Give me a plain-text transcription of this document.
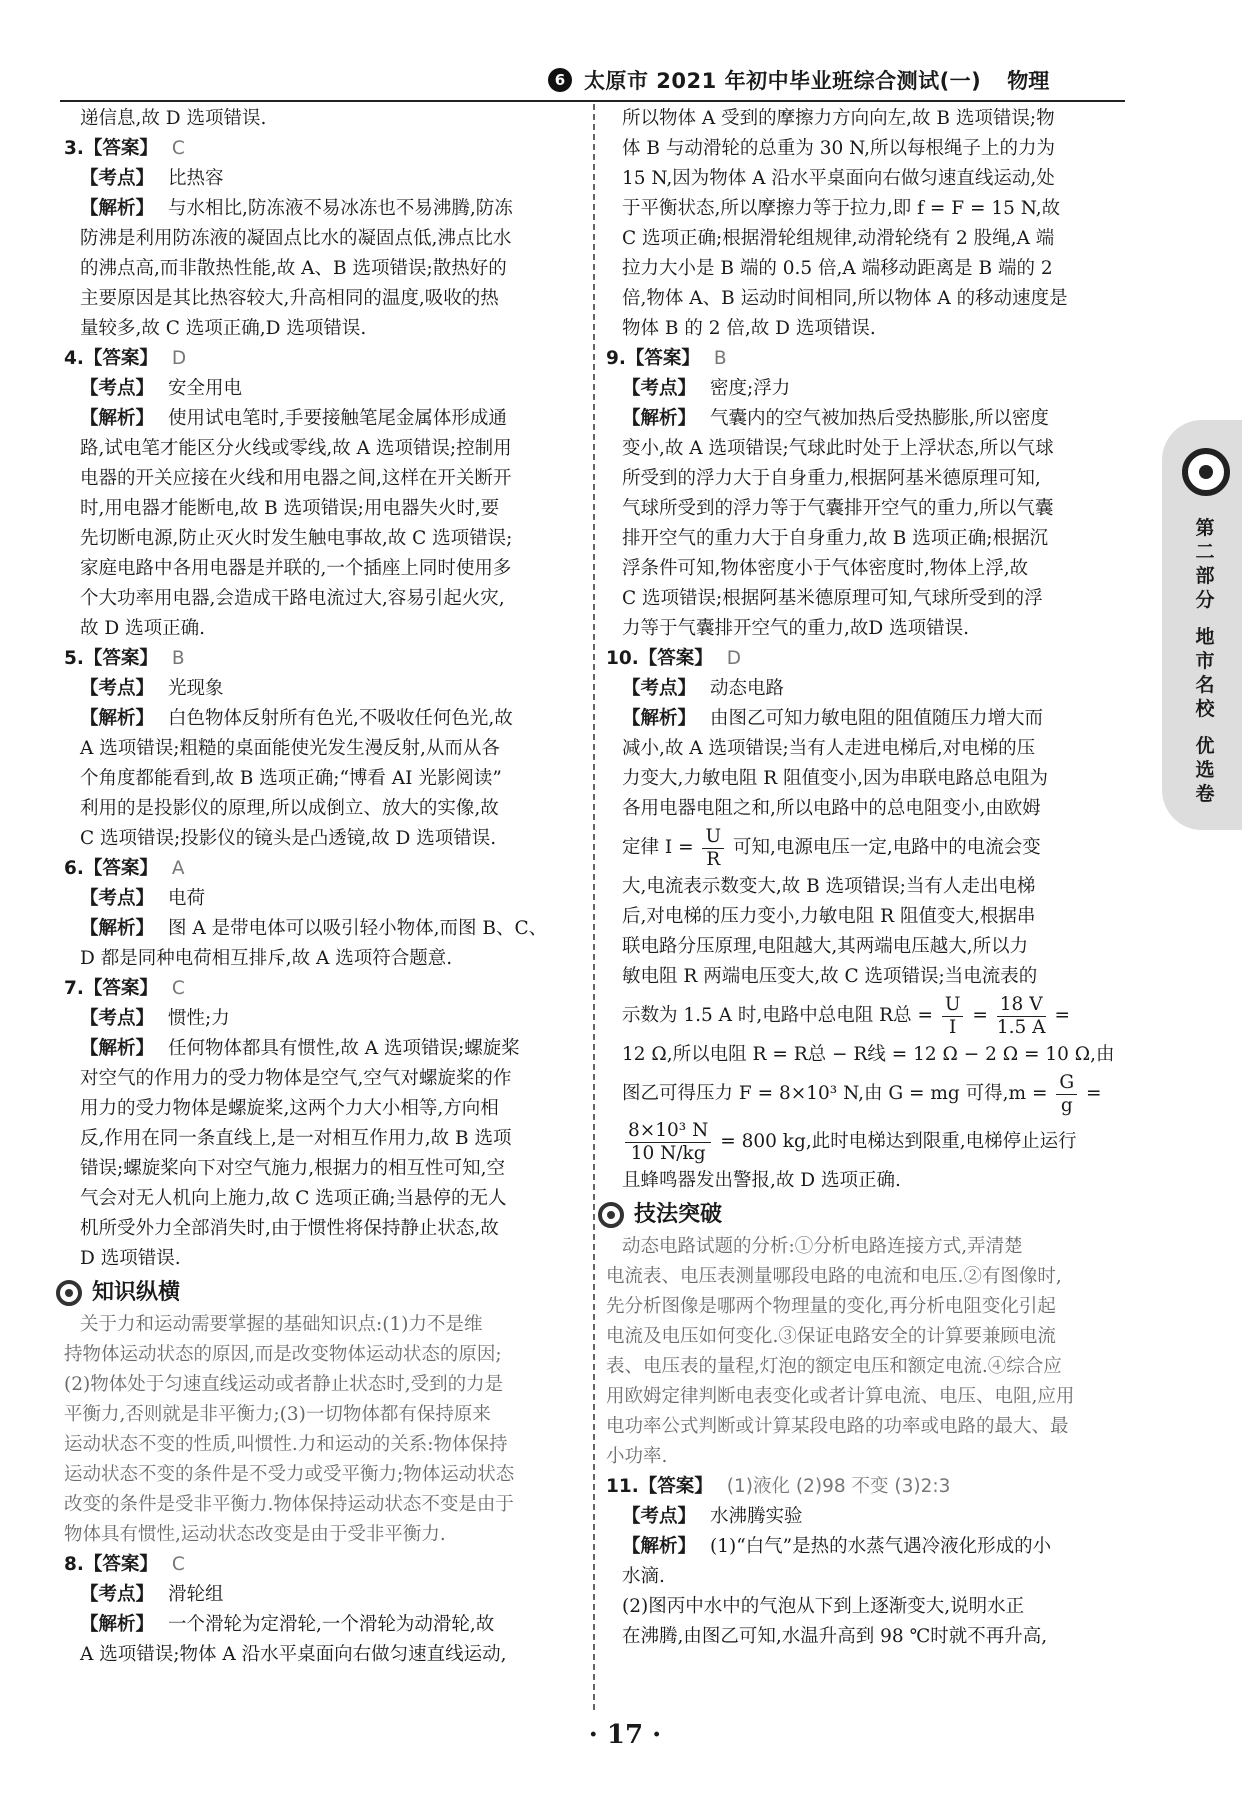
6 太原市 2021 年初中毕业班综合测试(一) 物理

递信息,故 D 选项错误.

3.【答案】 C

【考点】 比热容

【解析】 与水相比,防冻液不易冰冻也不易沸腾,防冻

防沸是利用防冻液的凝固点比水的凝固点低,沸点比水

的沸点高,而非散热性能,故 A、B 选项错误;散热好的

主要原因是其比热容较大,升高相同的温度,吸收的热

量较多,故 C 选项正确,D 选项错误.

4.【答案】 D

【考点】 安全用电

【解析】 使用试电笔时,手要接触笔尾金属体形成通

路,试电笔才能区分火线或零线,故 A 选项错误;控制用

电器的开关应接在火线和用电器之间,这样在开关断开

时,用电器才能断电,故 B 选项错误;用电器失火时,要

先切断电源,防止灭火时发生触电事故,故 C 选项错误;

家庭电路中各用电器是并联的,一个插座上同时使用多

个大功率用电器,会造成干路电流过大,容易引起火灾,

故 D 选项正确.

5.【答案】 B

【考点】 光现象

【解析】 白色物体反射所有色光,不吸收任何色光,故

A 选项错误;粗糙的桌面能使光发生漫反射,从而从各

个角度都能看到,故 B 选项正确;“博看 AI 光影阅读”

利用的是投影仪的原理,所以成倒立、放大的实像,故

C 选项错误;投影仪的镜头是凸透镜,故 D 选项错误.

6.【答案】 A

【考点】 电荷

【解析】 图 A 是带电体可以吸引轻小物体,而图 B、C、

D 都是同种电荷相互排斥,故 A 选项符合题意.

7.【答案】 C

【考点】 惯性;力

【解析】 任何物体都具有惯性,故 A 选项错误;螺旋桨

对空气的作用力的受力物体是空气,空气对螺旋桨的作

用力的受力物体是螺旋桨,这两个力大小相等,方向相

反,作用在同一条直线上,是一对相互作用力,故 B 选项

错误;螺旋桨向下对空气施力,根据力的相互性可知,空

气会对无人机向上施力,故 C 选项正确;当悬停的无人

机所受外力全部消失时,由于惯性将保持静止状态,故

D 选项错误.

知识纵横

关于力和运动需要掌握的基础知识点:(1)力不是维

持物体运动状态的原因,而是改变物体运动状态的原因;

(2)物体处于匀速直线运动或者静止状态时,受到的力是

平衡力,否则就是非平衡力;(3)一切物体都有保持原来

运动状态不变的性质,叫惯性.力和运动的关系:物体保持

运动状态不变的条件是不受力或受平衡力;物体运动状态

改变的条件是受非平衡力.物体保持运动状态不变是由于

物体具有惯性,运动状态改变是由于受非平衡力.

8.【答案】 C

【考点】 滑轮组

【解析】 一个滑轮为定滑轮,一个滑轮为动滑轮,故

A 选项错误;物体 A 沿水平桌面向右做匀速直线运动,

所以物体 A 受到的摩擦力方向向左,故 B 选项错误;物

体 B 与动滑轮的总重为 30 N,所以每根绳子上的力为

15 N,因为物体 A 沿水平桌面向右做匀速直线运动,处

于平衡状态,所以摩擦力等于拉力,即 f = F = 15 N,故

C 选项正确;根据滑轮组规律,动滑轮绕有 2 股绳,A 端

拉力大小是 B 端的 0.5 倍,A 端移动距离是 B 端的 2

倍,物体 A、B 运动时间相同,所以物体 A 的移动速度是

物体 B 的 2 倍,故 D 选项错误.

9.【答案】 B

【考点】 密度;浮力

【解析】 气囊内的空气被加热后受热膨胀,所以密度

变小,故 A 选项错误;气球此时处于上浮状态,所以气球

所受到的浮力大于自身重力,根据阿基米德原理可知,

气球所受到的浮力等于气囊排开空气的重力,所以气囊

排开空气的重力大于自身重力,故 B 选项正确;根据沉

浮条件可知,物体密度小于气体密度时,物体上浮,故

C 选项错误;根据阿基米德原理可知,气球所受到的浮

力等于气囊排开空气的重力,故D 选项错误.

10.【答案】 D

【考点】 动态电路

【解析】 由图乙可知力敏电阻的阻值随压力增大而

减小,故 A 选项错误;当有人走进电梯后,对电梯的压

力变大,力敏电阻 R 阻值变小,因为串联电路总电阻为

各用电器电阻之和,所以电路中的总电阻变小,由欧姆

定律 $I = \frac{U}{R}$ 可知,电源电压一定,电路中的电流会变

大,电流表示数变大,故 B 选项错误;当有人走出电梯

后,对电梯的压力变小,力敏电阻 R 阻值变大,根据串

联电路分压原理,电阻越大,其两端电压越大,所以力

敏电阻 R 两端电压变大,故 C 选项错误;当电流表的

示数为 1.5 A 时,电路中总电阻 R总 = $\frac{U}{I} = \frac{18 V}{1.5 A}$ =

12 Ω,所以电阻 R = R总 − R线 = 12 Ω − 2 Ω = 10 Ω,由

图乙可得压力 F = 8×10³ N,由 G = mg 可得$,m = \frac{G}{g}$ =

$\frac{\text{8×10³ N}}{10 N/kg} = 800$ kg,此时电梯达到限重,电梯停止运行

且蜂鸣器发出警报,故 D 选项正确.

技法突破

动态电路试题的分析:①分析电路连接方式,弄清楚

电流表、电压表测量哪段电路的电流和电压.②有图像时,

先分析图像是哪两个物理量的变化,再分析电阻变化引起

电流及电压如何变化.③保证电路安全的计算要兼顾电流

表、电压表的量程,灯泡的额定电压和额定电流.④综合应

用欧姆定律判断电表变化或者计算电流、电压、电阻,应用

电功率公式判断或计算某段电路的功率或电路的最大、最

小功率.

11.【答案】 (1)液化 (2)98 不变 (3)2:3

【考点】 水沸腾实验

【解析】 (1)“白气”是热的水蒸气遇冷液化形成的小

水滴.

(2)图丙中水中的气泡从下到上逐渐变大,说明水正

在沸腾,由图乙可知,水温升高到 98 ℃时就不再升高,

第二部分
地市名校
优选卷
· 17 ·
